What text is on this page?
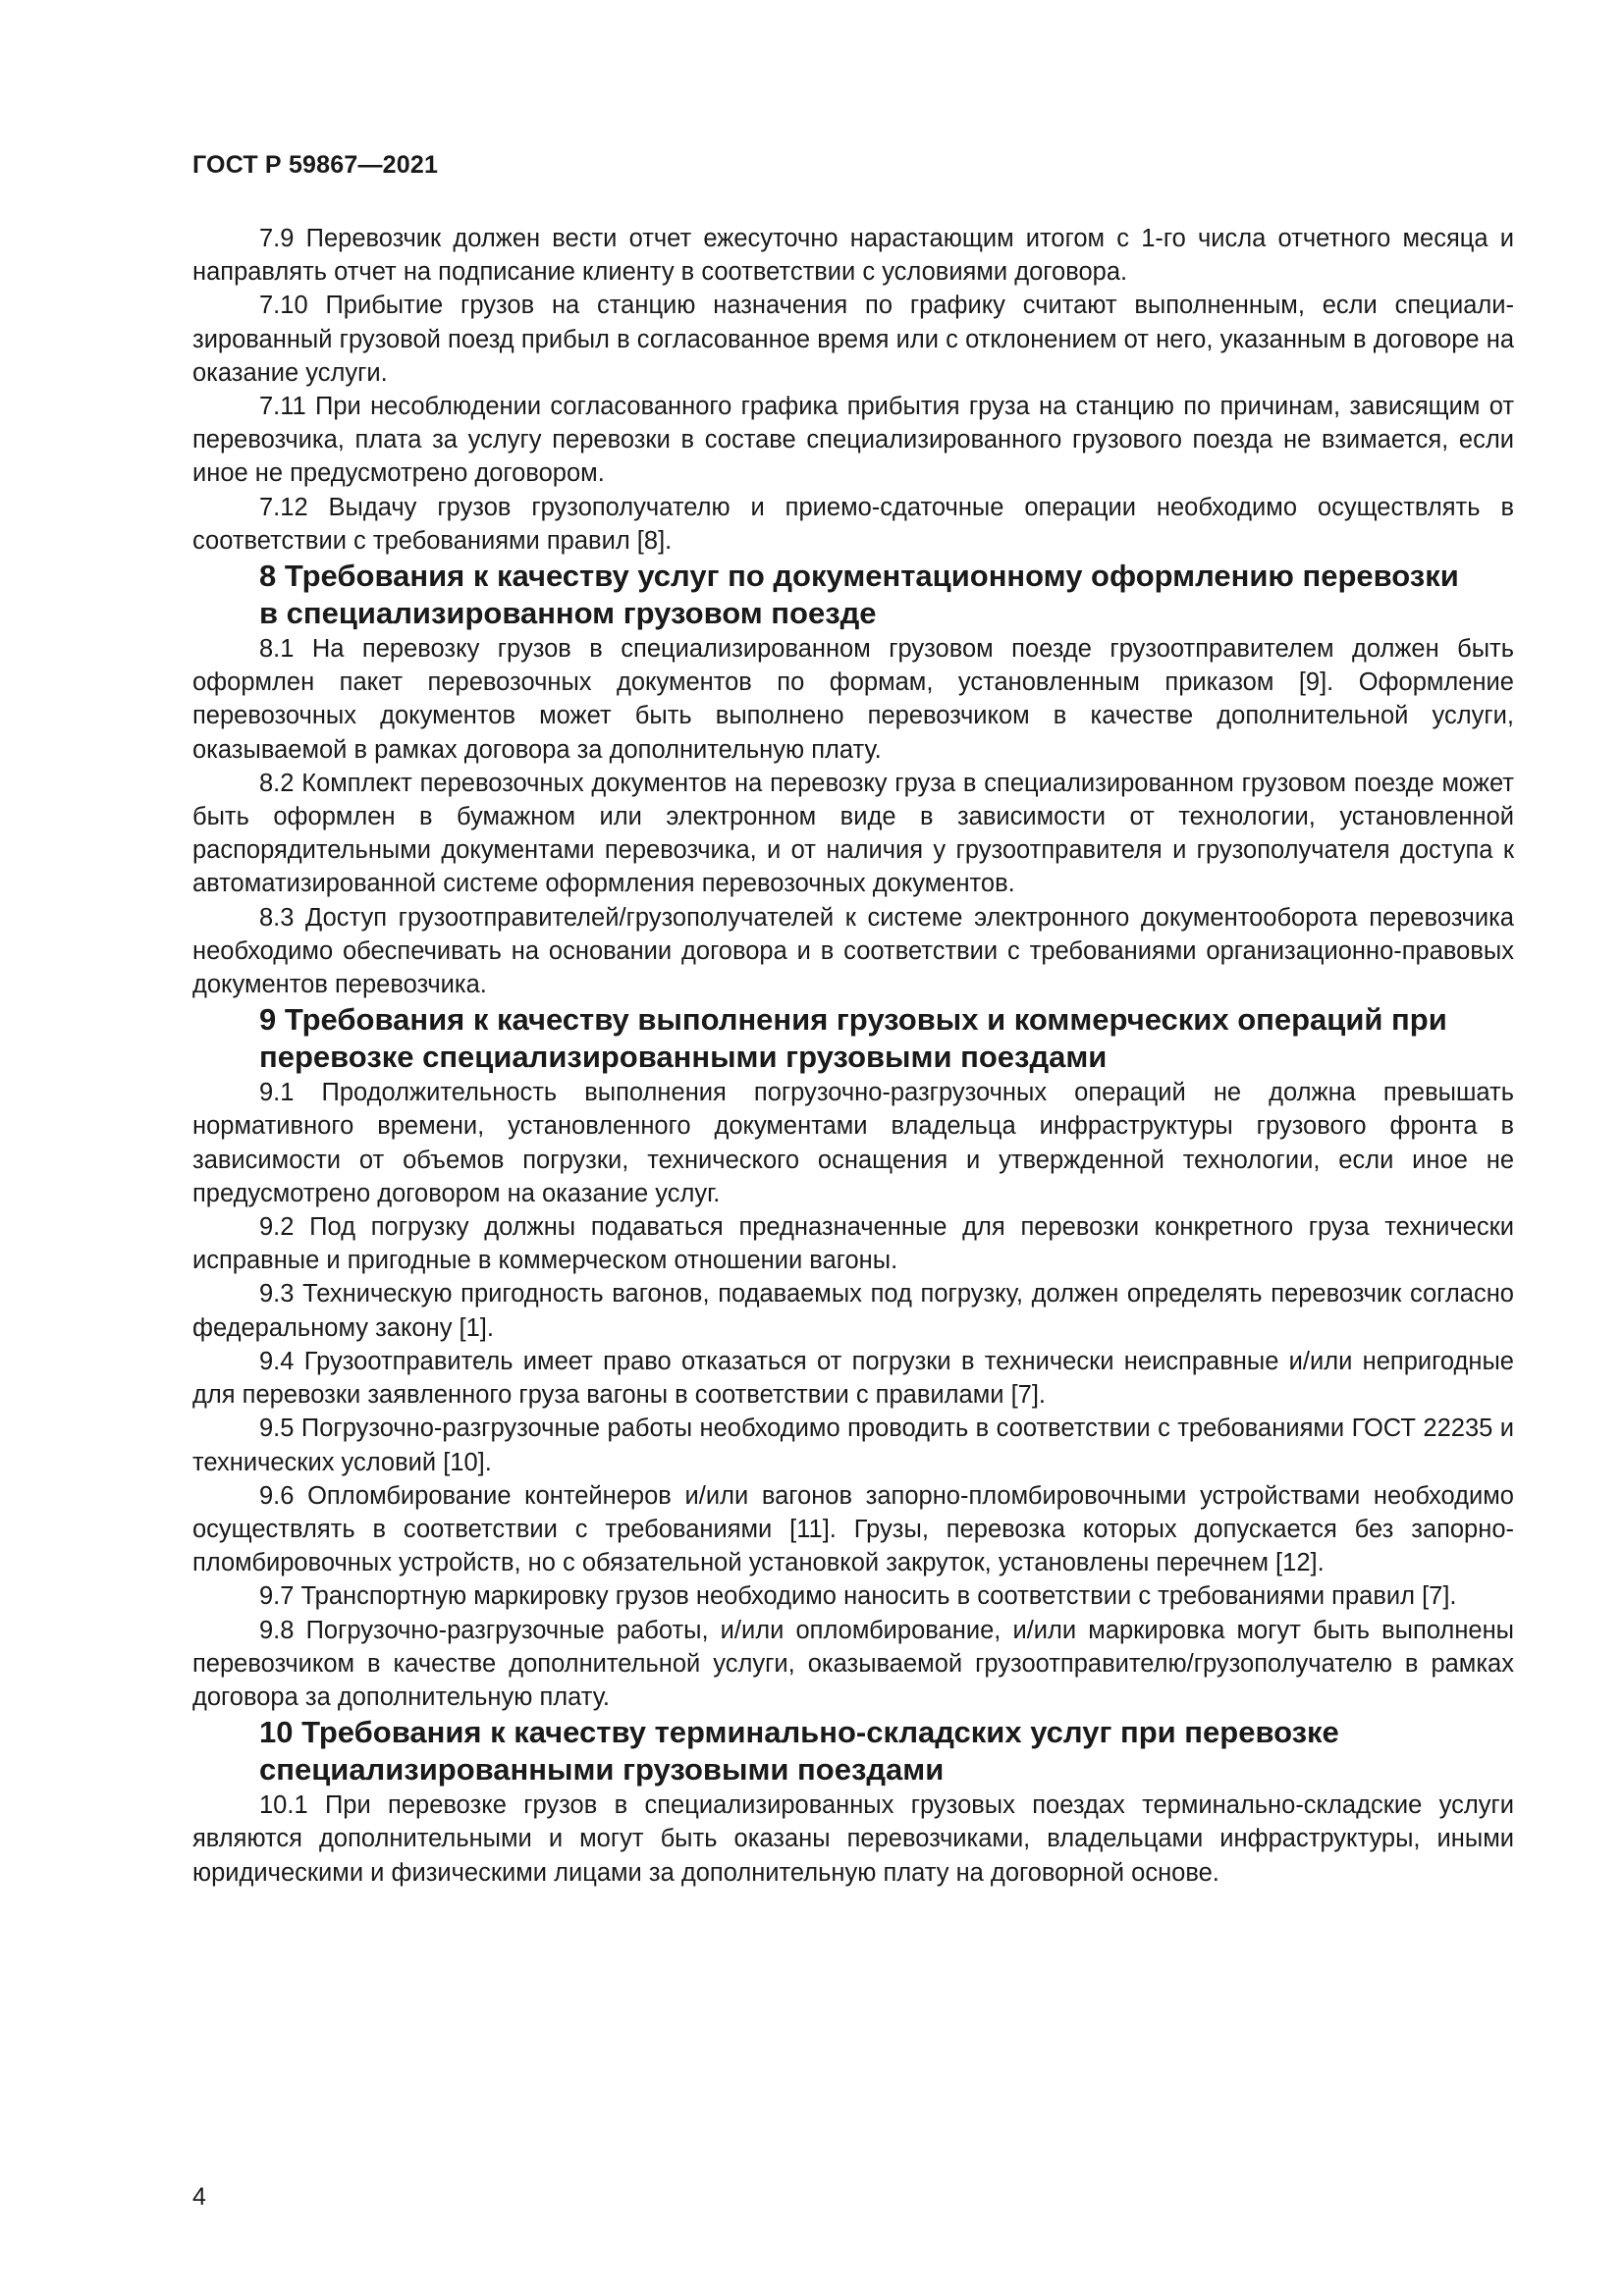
ГОСТ Р 59867—2021

7.9 Перевозчик должен вести отчет ежесуточно нарастающим итогом с 1-го числа отчетного месяца и направлять отчет на подписание клиенту в соответствии с условиями договора.

7.10 Прибытие грузов на станцию назначения по графику считают выполненным, если специализированный грузовой поезд прибыл в согласованное время или с отклонением от него, указанным в договоре на оказание услуги.

7.11 При несоблюдении согласованного графика прибытия груза на станцию по причинам, зависящим от перевозчика, плата за услугу перевозки в составе специализированного грузового поезда не взимается, если иное не предусмотрено договором.

7.12 Выдачу грузов грузополучателю и приемо-сдаточные операции необходимо осуществлять в соответствии с требованиями правил [8].

8 Требования к качеству услуг по документационному оформлению перевозки в специализированном грузовом поезде

8.1 На перевозку грузов в специализированном грузовом поезде грузоотправителем должен быть оформлен пакет перевозочных документов по формам, установленным приказом [9]. Оформление перевозочных документов может быть выполнено перевозчиком в качестве дополнительной услуги, оказываемой в рамках договора за дополнительную плату.

8.2 Комплект перевозочных документов на перевозку груза в специализированном грузовом поезде может быть оформлен в бумажном или электронном виде в зависимости от технологии, установленной распорядительными документами перевозчика, и от наличия у грузоотправителя и грузополучателя доступа к автоматизированной системе оформления перевозочных документов.

8.3 Доступ грузоотправителей/грузополучателей к системе электронного документооборота перевозчика необходимо обеспечивать на основании договора и в соответствии с требованиями организационно-правовых документов перевозчика.

9 Требования к качеству выполнения грузовых и коммерческих операций при перевозке специализированными грузовыми поездами

9.1 Продолжительность выполнения погрузочно-разгрузочных операций не должна превышать нормативного времени, установленного документами владельца инфраструктуры грузового фронта в зависимости от объемов погрузки, технического оснащения и утвержденной технологии, если иное не предусмотрено договором на оказание услуг.

9.2 Под погрузку должны подаваться предназначенные для перевозки конкретного груза технически исправные и пригодные в коммерческом отношении вагоны.

9.3 Техническую пригодность вагонов, подаваемых под погрузку, должен определять перевозчик согласно федеральному закону [1].

9.4 Грузоотправитель имеет право отказаться от погрузки в технически неисправные и/или непригодные для перевозки заявленного груза вагоны в соответствии с правилами [7].

9.5 Погрузочно-разгрузочные работы необходимо проводить в соответствии с требованиями ГОСТ 22235 и технических условий [10].

9.6 Опломбирование контейнеров и/или вагонов запорно-пломбировочными устройствами необходимо осуществлять в соответствии с требованиями [11]. Грузы, перевозка которых допускается без запорно-пломбировочных устройств, но с обязательной установкой закруток, установлены перечнем [12].

9.7 Транспортную маркировку грузов необходимо наносить в соответствии с требованиями правил [7].

9.8 Погрузочно-разгрузочные работы, и/или опломбирование, и/или маркировка могут быть выполнены перевозчиком в качестве дополнительной услуги, оказываемой грузоотправителю/грузополучателю в рамках договора за дополнительную плату.

10 Требования к качеству терминально-складских услуг при перевозке специализированными грузовыми поездами

10.1 При перевозке грузов в специализированных грузовых поездах терминально-складские услуги являются дополнительными и могут быть оказаны перевозчиками, владельцами инфраструктуры, иными юридическими и физическими лицами за дополнительную плату на договорной основе.

4
